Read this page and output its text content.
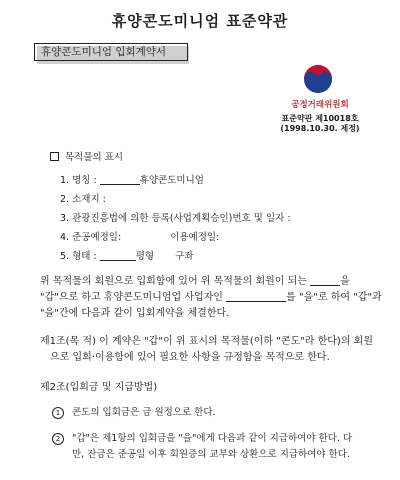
휴양콘도미니엄 표준약관
휴양콘도미니엄 입회계약서
공정거래위원회
표준약관 제10018호
(1998.10.30. 제정)
목적물의 표시
1. 명칭 :	휴양콘도미니엄
2. 소재지 :
3. 관광진흥법에 의한 등록(사업계획승인)번호 및 일자 :
4. 준공예정일:	이용예정일:
5. 형태 :	평형 구좌
위 목적물의 회원으로 입회함에 있어 위 목적물의 회원이 되는	을
"갑"으로 하고 휴양콘도미니엄업 사업자인	를 "을"로 하여 "갑"과
"을"간에 다음과 같이 입회계약을 체결한다.
제1조(목 적) 이 계약은 "갑"이 위 표시의 목적물(이하 "콘도"라 한다)의 회원
으로 입회·이용함에 있어 필요한 사항을 규정함을 목적으로 한다.
제2조(입회금 및 지급방법)
1 콘도의 입회금은 금 원정으로 한다.
2 "갑"은 제1항의 입회금을 "을"에게 다음과 같이 지급하여야 한다. 다
만, 잔금은 준공일 이후 회원증의 교부와 상환으로 지급하여야 한다.
